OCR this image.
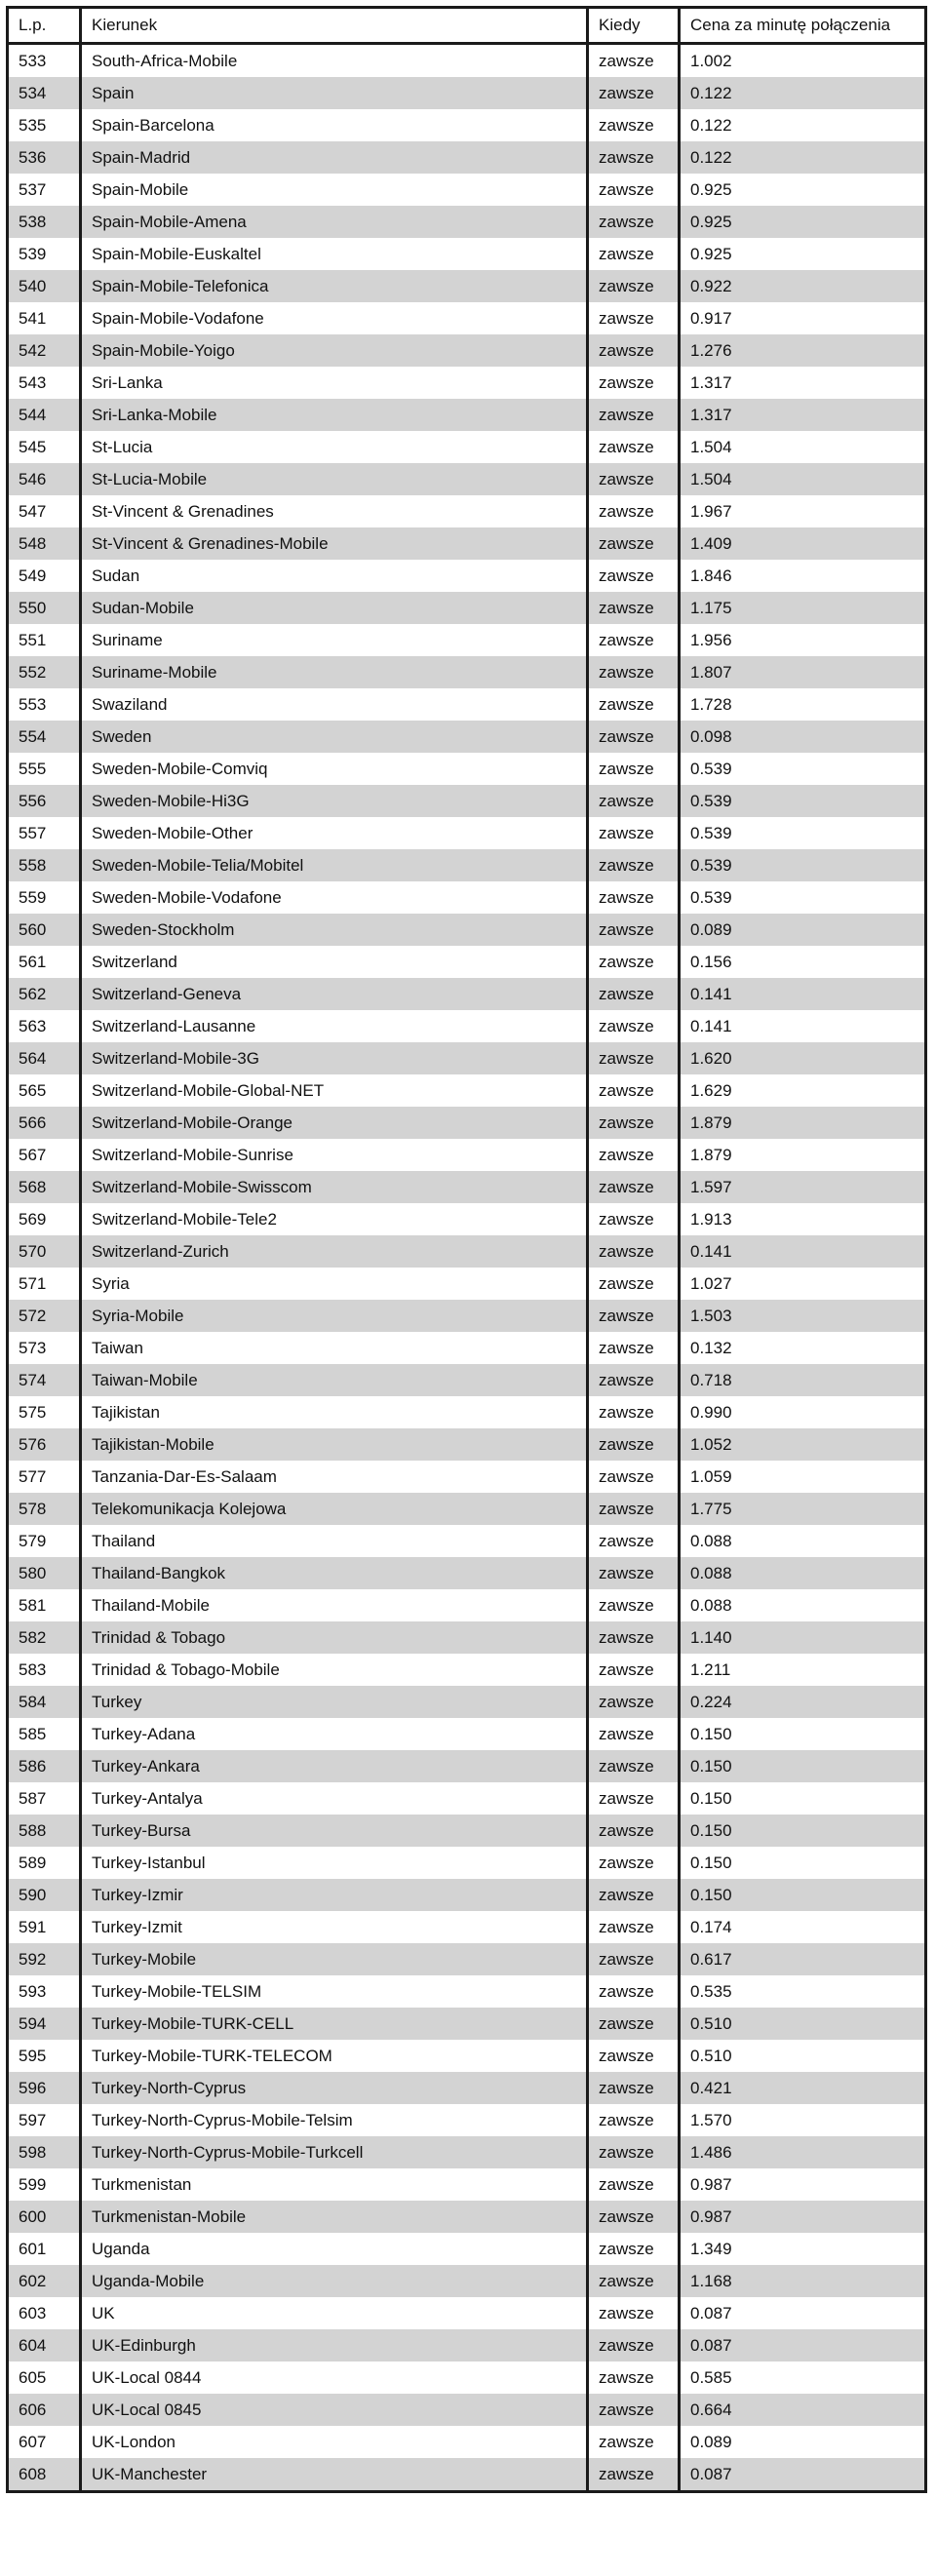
L.p.	Kierunek	Kiedy	Cena za minutę połączenia
533	South-Africa-Mobile	zawsze	1.002
534	Spain	zawsze	0.122
535	Spain-Barcelona	zawsze	0.122
536	Spain-Madrid	zawsze	0.122
537	Spain-Mobile	zawsze	0.925
538	Spain-Mobile-Amena	zawsze	0.925
539	Spain-Mobile-Euskaltel	zawsze	0.925
540	Spain-Mobile-Telefonica	zawsze	0.922
541	Spain-Mobile-Vodafone	zawsze	0.917
542	Spain-Mobile-Yoigo	zawsze	1.276
543	Sri-Lanka	zawsze	1.317
544	Sri-Lanka-Mobile	zawsze	1.317
545	St-Lucia	zawsze	1.504
546	St-Lucia-Mobile	zawsze	1.504
547	St-Vincent & Grenadines	zawsze	1.967
548	St-Vincent & Grenadines-Mobile	zawsze	1.409
549	Sudan	zawsze	1.846
550	Sudan-Mobile	zawsze	1.175
551	Suriname	zawsze	1.956
552	Suriname-Mobile	zawsze	1.807
553	Swaziland	zawsze	1.728
554	Sweden	zawsze	0.098
555	Sweden-Mobile-Comviq	zawsze	0.539
556	Sweden-Mobile-Hi3G	zawsze	0.539
557	Sweden-Mobile-Other	zawsze	0.539
558	Sweden-Mobile-Telia/Mobitel	zawsze	0.539
559	Sweden-Mobile-Vodafone	zawsze	0.539
560	Sweden-Stockholm	zawsze	0.089
561	Switzerland	zawsze	0.156
562	Switzerland-Geneva	zawsze	0.141
563	Switzerland-Lausanne	zawsze	0.141
564	Switzerland-Mobile-3G	zawsze	1.620
565	Switzerland-Mobile-Global-NET	zawsze	1.629
566	Switzerland-Mobile-Orange	zawsze	1.879
567	Switzerland-Mobile-Sunrise	zawsze	1.879
568	Switzerland-Mobile-Swisscom	zawsze	1.597
569	Switzerland-Mobile-Tele2	zawsze	1.913
570	Switzerland-Zurich	zawsze	0.141
571	Syria	zawsze	1.027
572	Syria-Mobile	zawsze	1.503
573	Taiwan	zawsze	0.132
574	Taiwan-Mobile	zawsze	0.718
575	Tajikistan	zawsze	0.990
576	Tajikistan-Mobile	zawsze	1.052
577	Tanzania-Dar-Es-Salaam	zawsze	1.059
578	Telekomunikacja Kolejowa	zawsze	1.775
579	Thailand	zawsze	0.088
580	Thailand-Bangkok	zawsze	0.088
581	Thailand-Mobile	zawsze	0.088
582	Trinidad & Tobago	zawsze	1.140
583	Trinidad & Tobago-Mobile	zawsze	1.211
584	Turkey	zawsze	0.224
585	Turkey-Adana	zawsze	0.150
586	Turkey-Ankara	zawsze	0.150
587	Turkey-Antalya	zawsze	0.150
588	Turkey-Bursa	zawsze	0.150
589	Turkey-Istanbul	zawsze	0.150
590	Turkey-Izmir	zawsze	0.150
591	Turkey-Izmit	zawsze	0.174
592	Turkey-Mobile	zawsze	0.617
593	Turkey-Mobile-TELSIM	zawsze	0.535
594	Turkey-Mobile-TURK-CELL	zawsze	0.510
595	Turkey-Mobile-TURK-TELECOM	zawsze	0.510
596	Turkey-North-Cyprus	zawsze	0.421
597	Turkey-North-Cyprus-Mobile-Telsim	zawsze	1.570
598	Turkey-North-Cyprus-Mobile-Turkcell	zawsze	1.486
599	Turkmenistan	zawsze	0.987
600	Turkmenistan-Mobile	zawsze	0.987
601	Uganda	zawsze	1.349
602	Uganda-Mobile	zawsze	1.168
603	UK	zawsze	0.087
604	UK-Edinburgh	zawsze	0.087
605	UK-Local 0844	zawsze	0.585
606	UK-Local 0845	zawsze	0.664
607	UK-London	zawsze	0.089
608	UK-Manchester	zawsze	0.087
